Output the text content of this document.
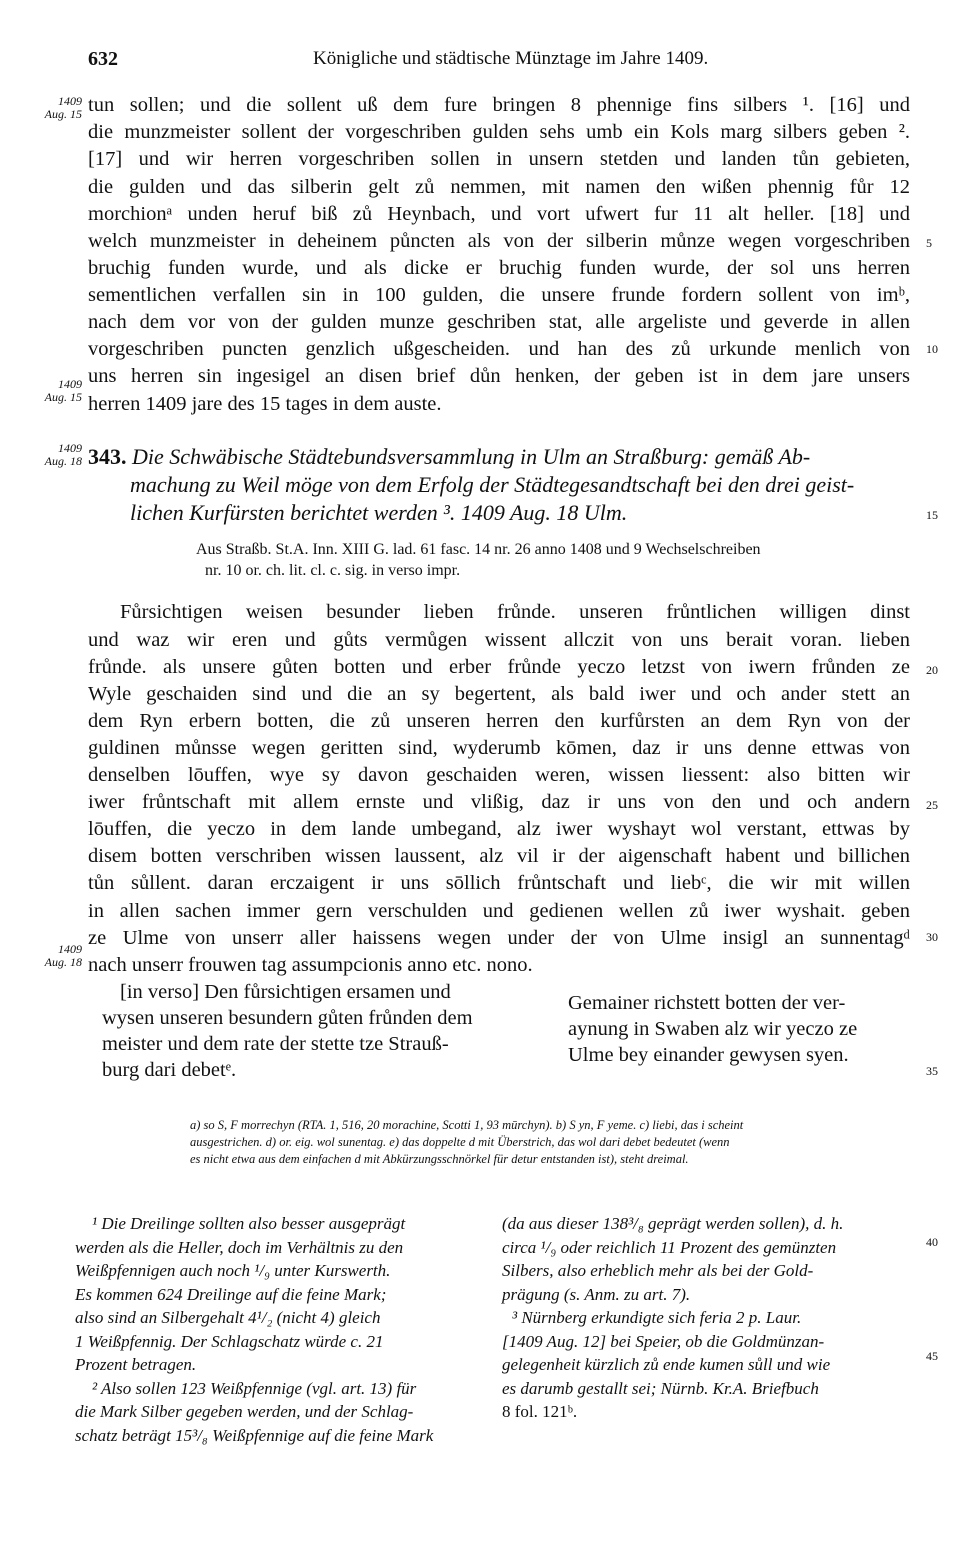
632	Königliche und städtische Münztage im Jahre 1409.
1409
Aug. 15
1409
Aug. 15
1409
Aug. 18
1409
Aug. 18
5
10
15
20
25
30
35
40
45
tun sollen; und die sollent uß dem fure bringen 8 phennige fins silbers ¹. [16] und
die munzmeister sollent der vorgeschriben gulden sehs umb ein Kols marg silbers geben ².
[17] und wir herren vorgeschriben sollen in unsern stetden und landen tůn gebieten,
die gulden und das silberin gelt zů nemmen, mit namen den wißen phennig fůr 12
morchionᵃ unden heruf biß zů Heynbach, und vort ufwert fur 11 alt heller. [18] und
welch munzmeister in deheinem půncten als von der silberin můnze wegen vorgeschriben
bruchig funden wurde, und als dicke er bruchig funden wurde, der sol uns herren
sementlichen verfallen sin in 100 gulden, die unsere frunde fordern sollent von imᵇ,
nach dem vor von der gulden munze geschriben stat, alle argeliste und geverde in allen
vorgeschriben puncten genzlich ußgescheiden. und han des zů urkunde menlich von
uns herren sin ingesigel an disen brief důn henken, der geben ist in dem jare unsers
herren 1409 jare des 15 tages in dem auste.
343. Die Schwäbische Städtebundsversammlung in Ulm an Straßburg: gemäß Ab-
machung zu Weil möge von dem Erfolg der Städtegesandtschaft bei den drei geist-
lichen Kurfürsten berichtet werden ³. 1409 Aug. 18 Ulm.
Aus Straßb. St.A. Inn. XIII G. lad. 61 fasc. 14 nr. 26 anno 1408 und 9 Wechselschreiben
nr. 10 or. ch. lit. cl. c. sig. in verso impr.
Fůrsichtigen weisen besunder lieben frůnde. unseren frůntlichen willigen dinst
und waz wir eren und gůts vermůgen wissent allczit von uns berait voran. lieben
frůnde. als unsere gůten botten und erber frůnde yeczo letzst von iwern frůnden ze
Wyle geschaiden sind und die an sy begertent, als bald iwer und och ander stett an
dem Ryn erbern botten, die zů unseren herren den kurfůrsten an dem Ryn von der
guldinen můnsse wegen geritten sind, wyderumb kōmen, daz ir uns denne ettwas von
denselben lōuffen, wye sy davon geschaiden weren, wissen liessent: also bitten wir
iwer frůntschaft mit allem ernste und vlißig, daz ir uns von den und och andern
lōuffen, die yeczo in dem lande umbegand, alz iwer wyshayt wol verstant, ettwas by
disem botten verschriben wissen laussent, alz vil ir der aigenschaft habent und billichen
tůn sůllent. daran erczaigent ir uns sōllich frůntschaft und liebᶜ, die wir mit willen
in allen sachen immer gern verschulden und gedienen wellen zů iwer wyshait. geben
ze Ulme von unserr aller haissens wegen under der von Ulme insigl an sunnentagᵈ
nach unserr frouwen tag assumpcionis anno etc. nono.
[in verso] Den fůrsichtigen ersamen und
wysen unseren besundern gůten frůnden dem
meister und dem rate der stette tze Strauß-
burg dari debetᵉ.
Gemainer richstett botten der ver-
aynung in Swaben alz wir yeczo ze
Ulme bey einander gewysen syen.
a) so S, F morrechyn (RTA. 1, 516, 20 morachine, Scotti 1, 93 mūrchyn). b) S yn, F yeme. c) liebi, das i scheint
ausgestrichen. d) or. eig. wol sunentag. e) das doppelte d mit Überstrich, das wol dari debet bedeutet (wenn
es nicht etwa aus dem einfachen d mit Abkürzungsschnörkel für detur entstanden ist), steht dreimal.
¹ Die Dreilinge sollten also besser ausgeprägt
werden als die Heller, doch im Verhältnis zu den
Weißpfennigen auch noch ¹/₉ unter Kurswerth.
Es kommen 624 Dreilinge auf die feine Mark;
also sind an Silbergehalt 4¹/₂ (nicht 4) gleich
1 Weißpfennig. Der Schlagschatz würde c. 21
Prozent betragen.
² Also sollen 123 Weißpfennige (vgl. art. 13) für
die Mark Silber gegeben werden, und der Schlag-
schatz beträgt 15³/₈ Weißpfennige auf die feine Mark
(da aus dieser 138³/₈ geprägt werden sollen), d. h.
circa ¹/₉ oder reichlich 11 Prozent des gemünzten
Silbers, also erheblich mehr als bei der Gold-
prägung (s. Anm. zu art. 7).
³ Nürnberg erkundigte sich feria 2 p. Laur.
[1409 Aug. 12] bei Speier, ob die Goldmünzan-
gelegenheit kürzlich zů ende kumen sůll und wie
es darumb gestallt sei; Nürnb. Kr.A. Briefbuch
8 fol. 121ᵇ.
